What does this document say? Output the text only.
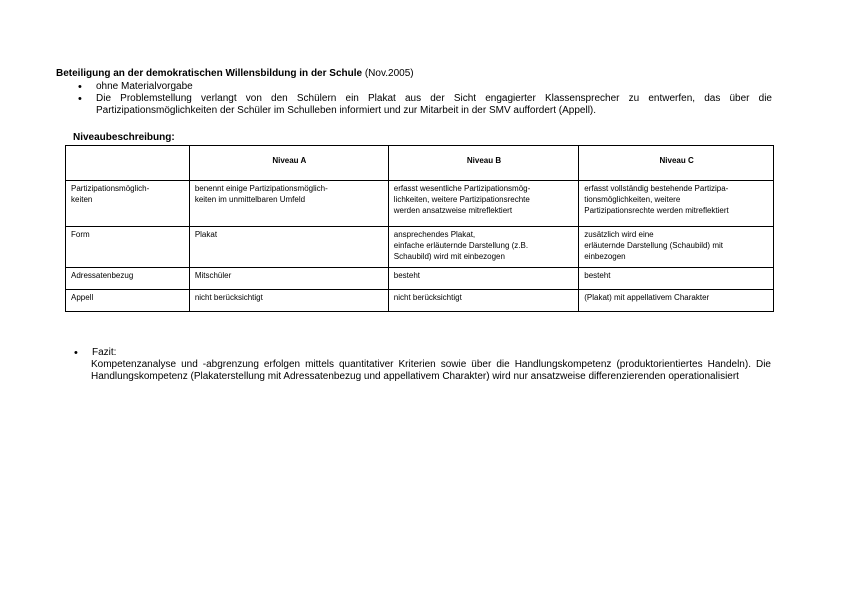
Beteiligung an der demokratischen Willensbildung in der Schule (Nov.2005)
• ohne Materialvorgabe
• Die Problemstellung verlangt von den Schülern ein Plakat aus der Sicht engagierter Klassensprecher zu entwerfen, das über die Partizipationsmöglichkeiten der Schüler im Schulleben informiert und zur Mitarbeit in der SMV auffordert (Appell).
Niveaubeschreibung:
	Niveau A	Niveau B	Niveau C

Partizipationsmöglich-
keiten	benennt einige Partizipationsmöglich-
keiten im unmittelbaren Umfeld	erfasst wesentliche Partizipationsmög-
lichkeiten, weitere Partizipationsrechte
werden ansatzweise mitreflektiert	erfasst vollständig bestehende Partizipa-
tionsmöglichkeiten, weitere
Partizipationsrechte werden mitreflektiert

Form	Plakat	ansprechendes Plakat,
einfache erläuternde Darstellung (z.B.
Schaubild) wird mit einbezogen	zusätzlich wird eine
erläuternde Darstellung (Schaubild) mit
einbezogen

Adressatenbezug	Mitschüler	besteht	besteht

Appell	nicht berücksichtigt	nicht berücksichtigt	(Plakat) mit appellativem Charakter
• Fazit:
Kompetenzanalyse und -abgrenzung erfolgen mittels quantitativer Kriterien sowie über die Handlungskompetenz (produktorientiertes Handeln). Die Handlungskompetenz (Plakaterstellung mit Adressatenbezug und appellativem Charakter) wird nur ansatzweise differenzierenden operationalisiert
